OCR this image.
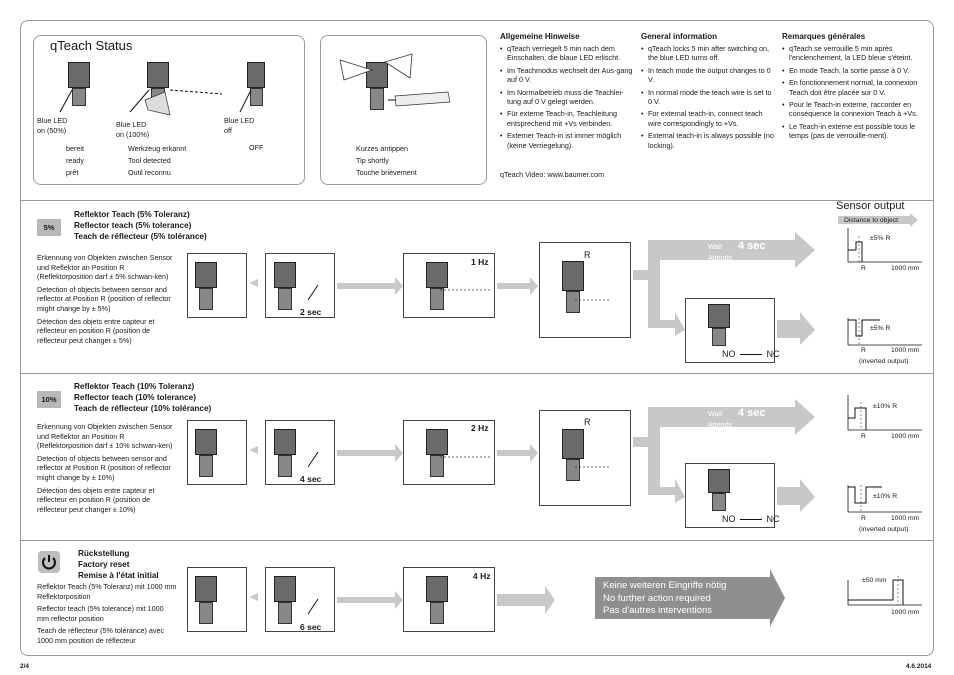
qTeach Status
Blue LED
on (50%)
Blue LED
on (100%)
Blue LED
off
bereit
ready
prêt
Werkzeug erkannt
Tool detected
Outil reconnu
OFF	Kurzes antippen
Tip shortly
Touche brièvement
Allgemeine Hinweise
• qTeach verriegelt 5 min nach dem Einschalten, die blaue LED erlischt.
• Im Teachmodus wechselt der Aus-gang auf 0 V.
• Im Normalbetrieb muss die Teachlei-tung auf 0 V gelegt werden.
• Für externe Teach-in, Teachleitung entsprechend mit +Vs verbinden.
• Externer Teach-in ist immer möglich (keine Verriegelung).
qTeach Video: www.baumer.com
General information
• qTeach locks 5 min after switching on, the blue LED turns off.
• In teach mode the output changes to 0 V.
• In normal mode the teach wire is set to 0 V.
• For external teach-in, connect teach wire correspondingly to +Vs.
• External teach-in is always possible (no locking).
Remarques générales
• qTeach se verrouille 5 min après l'enclenchement, la LED bleue s'éteint.
• En mode Teach, la sortie passe à 0 V.
• En fonctionnement normal, la connexion Teach doit être placée sur 0 V.
• Pour le Teach-in externe, raccorder en conséquence la connexion Teach à +Vs.
• Le Teach-in externe est possible tous le temps (pas de verrouille-ment).
Sensor output
Distance to object
5%
Reflektor Teach (5% Toleranz)
Reflector teach (5% tolerance)
Teach de réflecteur (5% tolérance)
Erkennung von Objekten zwischen Sensor und Reflektor an Position R (Reflektorposition darf ± 5% schwan-ken)
Detection of objects between sensor and reflector at Position R (position of reflector might change by ± 5%)
Détection des objets entre capteur et réflecteur en position R (position de réflecteur peut changer ± 5%)
2 sec
1 Hz
R
Warten
Wait
Attends
4 sec
NO	NC
±5% R
R	1000 mm
±5% R
R	1000 mm
(inverted output)
10%
Reflektor Teach (10% Toleranz)
Reflector teach (10% tolerance)
Teach de réflecteur (10% tolérance)
Erkennung von Objekten zwischen Sensor und Reflektor an Position R (Reflektorposition darf ± 10% schwan-ken)
Detection of objects between sensor and reflector at Position R (position of reflector might change by ± 10%)
Détection des objets entre capteur et réflecteur en position R (position de réflecteur peut changer ± 10%)
4 sec
2 Hz
R
Warten
Wait
Attends
4 sec
NO	NC
±10% R
R	1000 mm
±10% R
R	1000 mm
(inverted output)
Rückstellung
Factory reset
Remise à l'état initial
Reflektor Teach (5% Toleranz) mit 1000 mm Reflektorposition
Reflector teach (5% tolerance) mit 1000 mm reflector position
Teach de réflecteur (5% tolérance) avec 1000 mm position de réflecteur
6 sec
4 Hz
Keine weiteren Eingriffe nötig
No further action required
Pas d'autres interventions
±50 mm
1000 mm
2/4	4.6.2014
